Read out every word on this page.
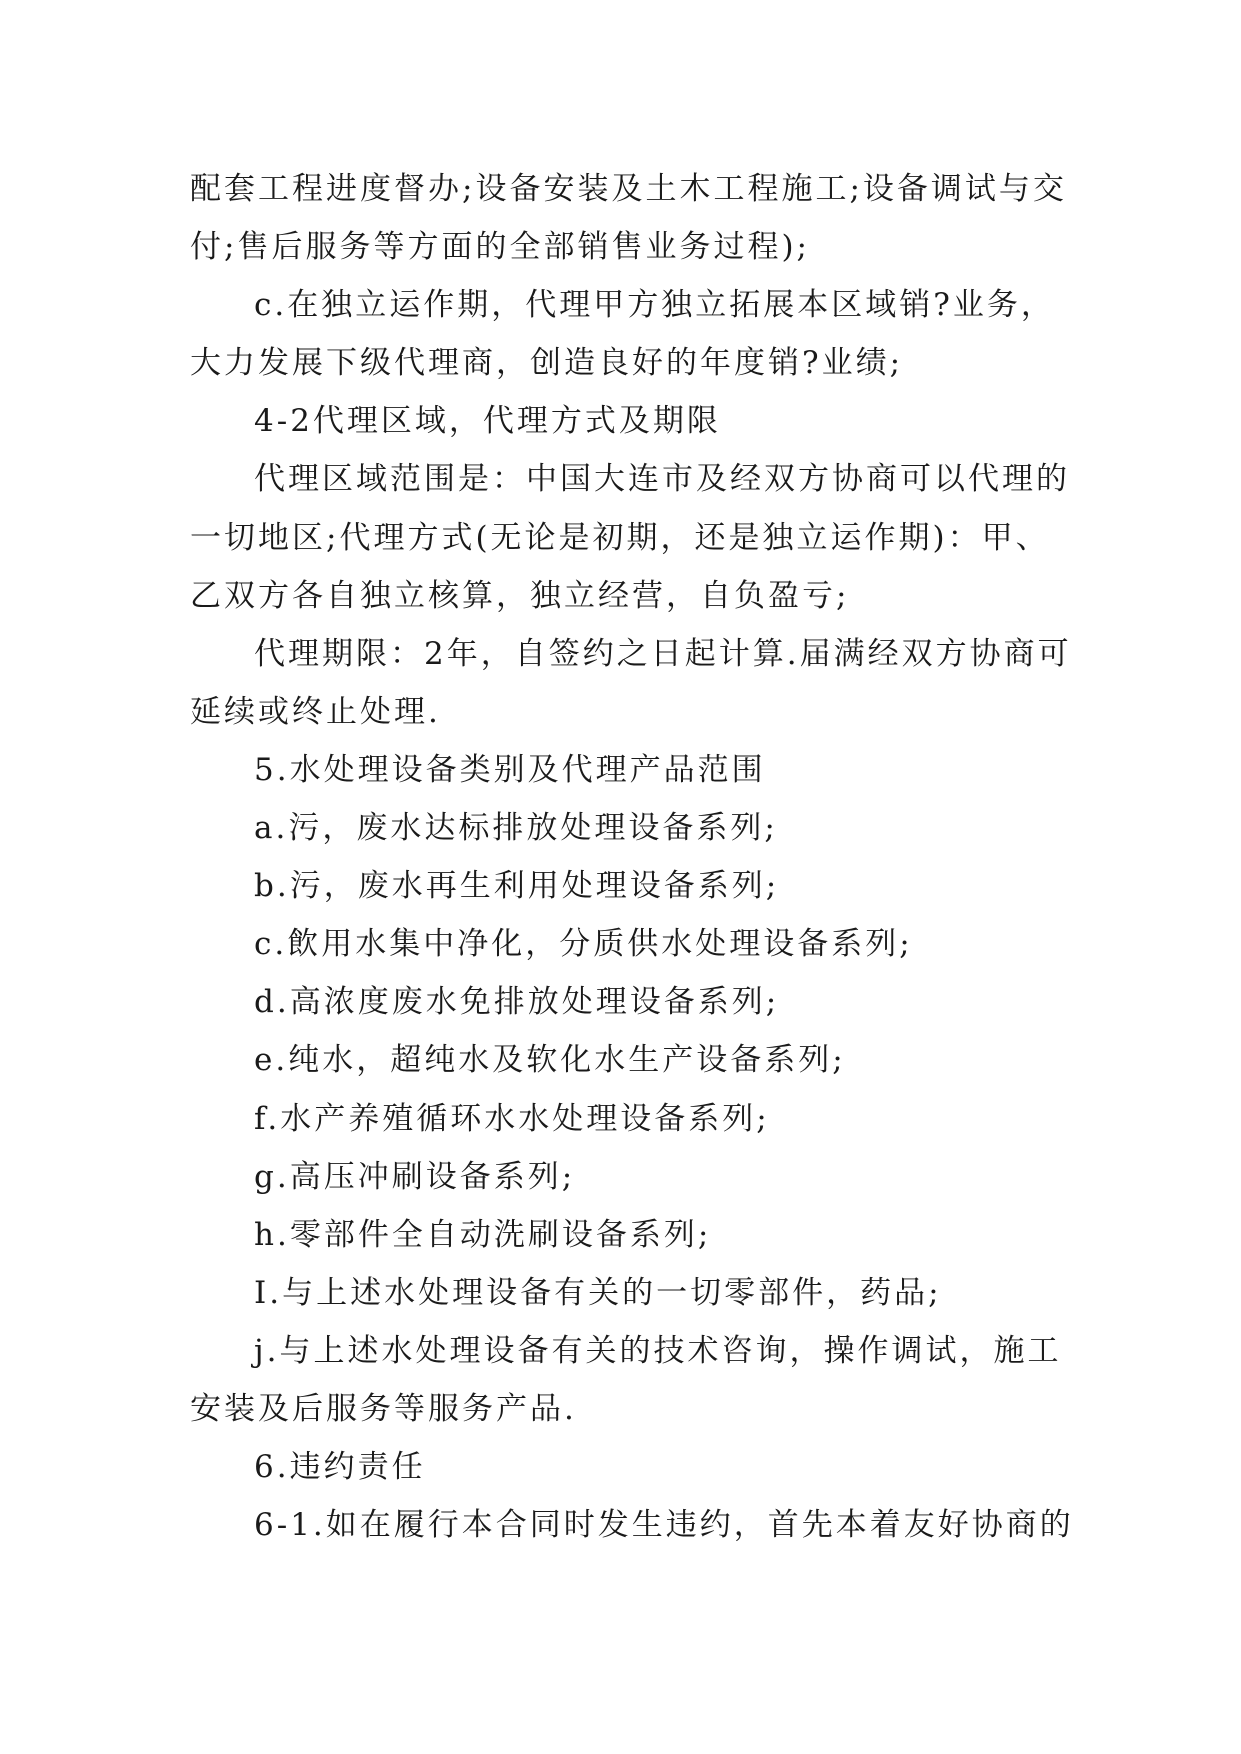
配套工程进度督办;设备安装及土木工程施工;设备调试与交
付;售后服务等方面的全部销售业务过程);
c.在独立运作期，代理甲方独立拓展本区域销?业务，
大力发展下级代理商，创造良好的年度销?业绩;
4-2代理区域，代理方式及期限
代理区域范围是：中国大连市及经双方协商可以代理的
一切地区;代理方式(无论是初期，还是独立运作期)：甲、
乙双方各自独立核算，独立经营，自负盈亏;
代理期限：2年，自签约之日起计算.届满经双方协商可
延续或终止处理.
5.水处理设备类别及代理产品范围
a.污，废水达标排放处理设备系列;
b.污，废水再生利用处理设备系列;
c.飲用水集中净化，分质供水处理设备系列;
d.高浓度废水免排放处理设备系列;
e.纯水，超纯水及软化水生产设备系列;
f.水产养殖循环水水处理设备系列;
g.高压冲刷设备系列;
h.零部件全自动洗刷设备系列;
I.与上述水处理设备有关的一切零部件，药品;
j.与上述水处理设备有关的技术咨询，操作调试，施工
安装及后服务等服务产品.
6.违约责任
6-1.如在履行本合同时发生违约，首先本着友好协商的
